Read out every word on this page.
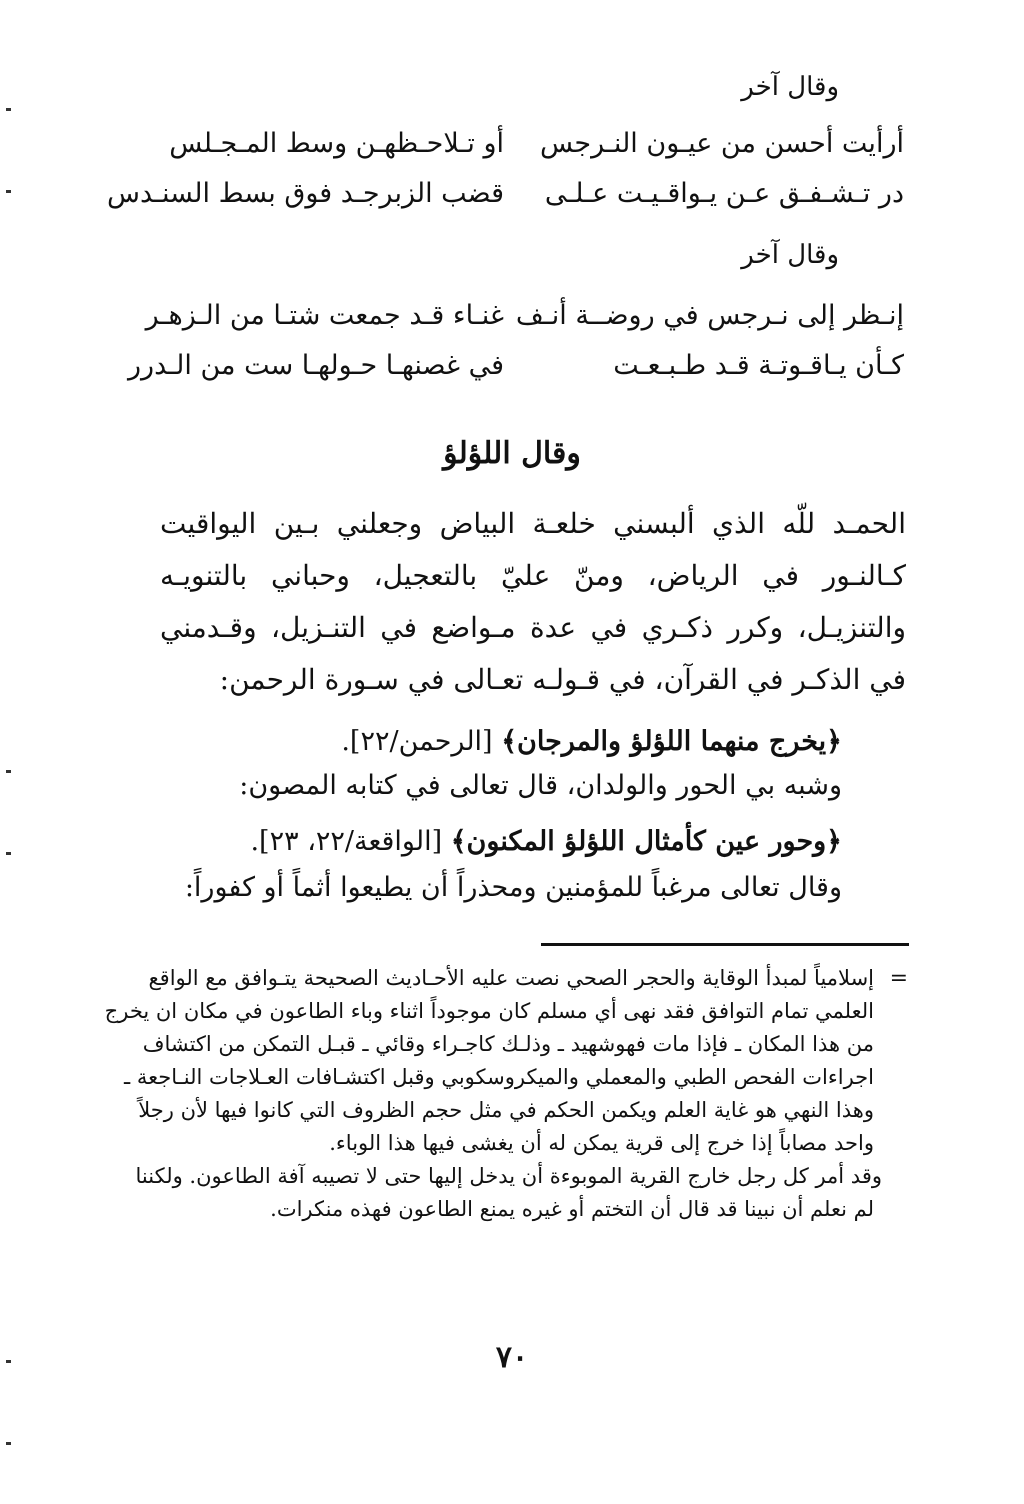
وقال آخر
أرأيت أحسن من عيـون النـرجس
أو تـلاحـظهـن وسط المـجـلس
در تـشـفـق عـن يـواقـيـت عـلـى
قضب الزبرجـد فوق بسط السنـدس
وقال آخر
إنـظر إلى نـرجس في روضــة أنـف
غنـاء قـد جمعت شتـا من الـزهـر
كـأن يـاقـوتـة قـد طـبـعـت
في غصنهـا حـولهـا ست من الـدرر
وقال اللؤلؤ
الحمـد للّه الذي ألبسني خلعـة البياض وجعلني بـين اليواقيت كـالنـور في الرياض، ومنّ عليّ بالتعجيل، وحباني بالتنويـه والتنزيـل، وكرر ذكـري في عدة مـواضع في التنـزيل، وقـدمني في الذكـر في القرآن، في قـولـه تعـالى في سـورة الرحمن:
﴿يخرج منهما اللؤلؤ والمرجان﴾ [الرحمن/٢٢].
وشبه بي الحور والولدان، قال تعالى في كتابه المصون:
﴿وحور عين كأمثال اللؤلؤ المكنون﴾ [الواقعة/٢٢، ٢٣].
وقال تعالى مرغباً للمؤمنين ومحذراً أن يطيعوا أثماً أو كفوراً:
=
إسلامياً لمبدأ الوقاية والحجر الصحي نصت عليه الأحـاديث الصحيحة يتـوافق مع الواقع
العلمي تمام التوافق فقد نهى أي مسلم كان موجوداً اثناء وباء الطاعون في مكان ان يخرج
من هذا المكان ـ فإذا مات فهوشهيد ـ وذلـك كاجـراء وقائي ـ قبـل التمكن من اكتشاف
اجراءات الفحص الطبي والمعملي والميكروسكوبي وقبل اكتشـافات العـلاجات النـاجعة ـ
وهذا النهي هو غاية العلم ويكمن الحكم في مثل حجم الظروف التي كانوا فيها لأن رجلاً
واحد مصاباً إذا خرج إلى قرية يمكن له أن يغشى فيها هذا الوباء.
وقد أمر كل رجل خارج القرية الموبوءة أن يدخل إليها حتى لا تصيبه آفة الطاعون. ولكننا
لم نعلم أن نبينا قد قال أن التختم أو غيره يمنع الطاعون فهذه منكرات.
٧٠
